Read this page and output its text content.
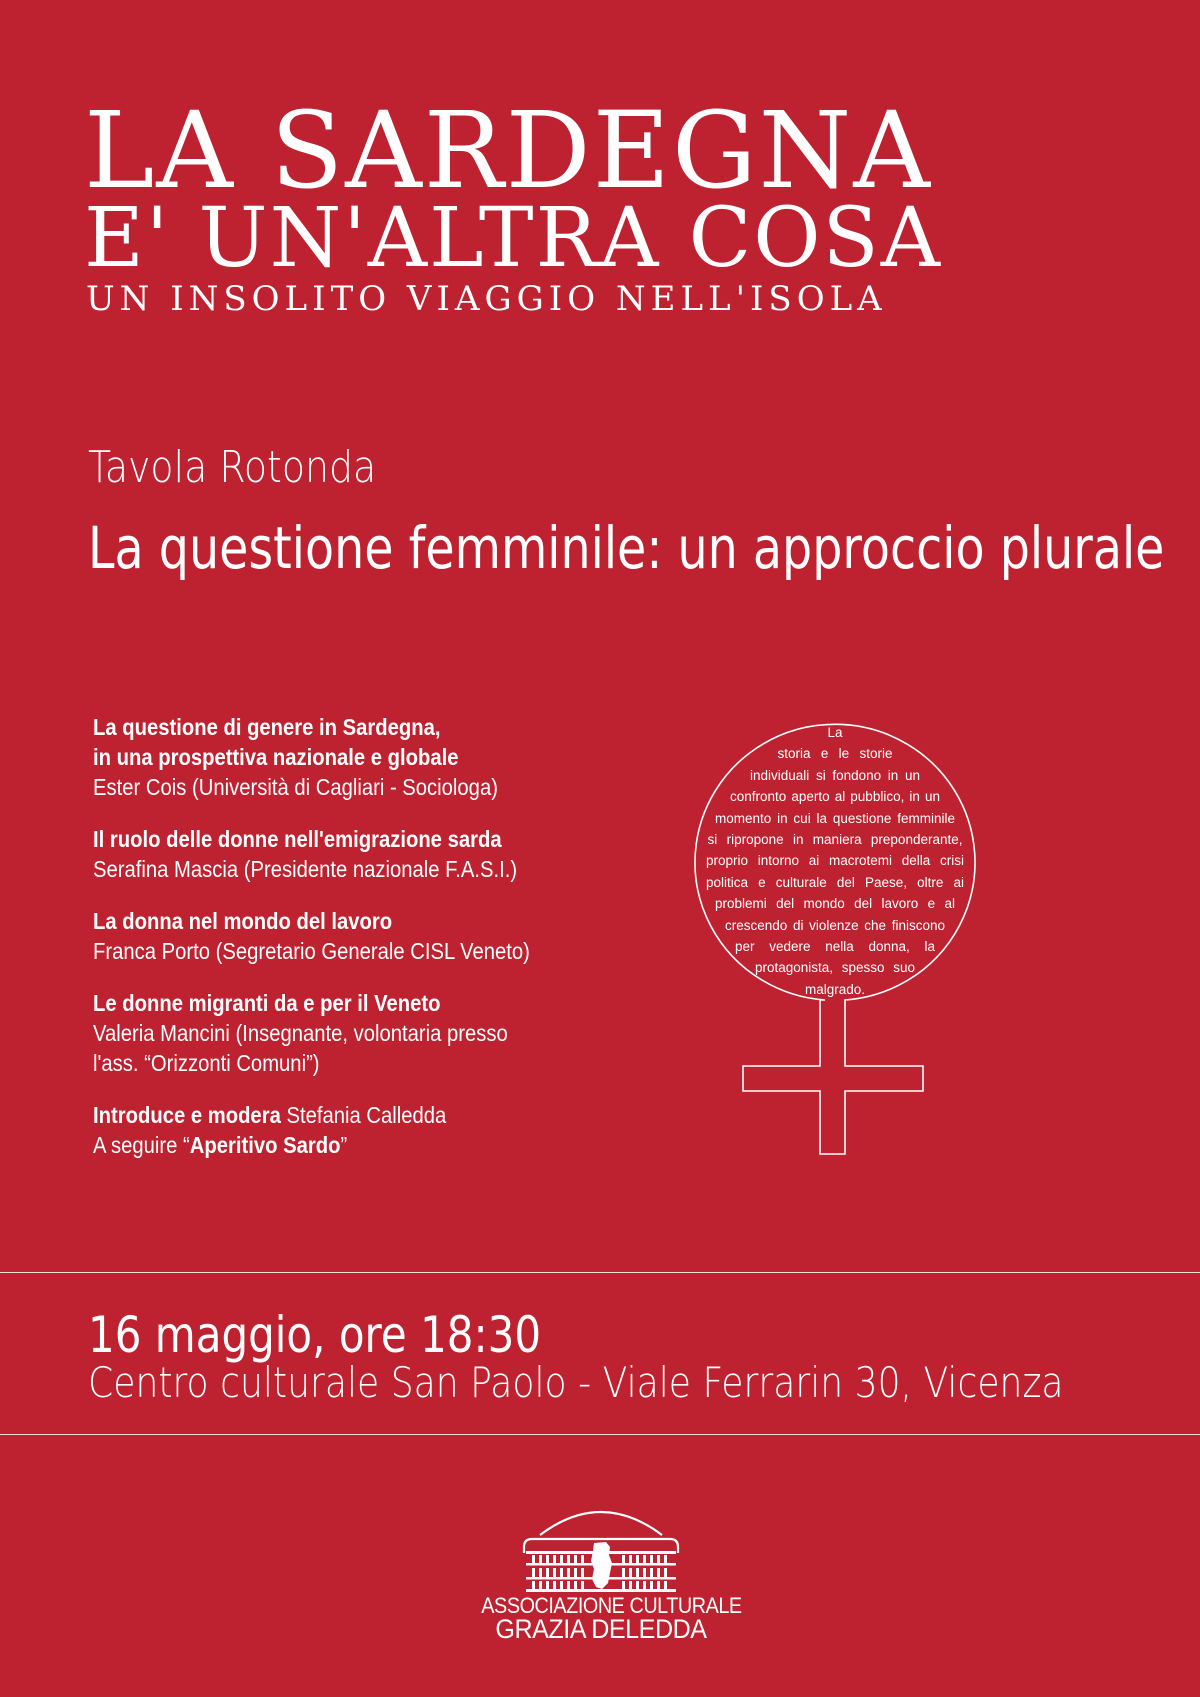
LA SARDEGNA
E' UN'ALTRA COSA
UN INSOLITO VIAGGIO NELL'ISOLA
Tavola Rotonda
La questione femminile: un approccio plurale
La questione di genere in Sardegna,
in una prospettiva nazionale e globale
Ester Cois (Università di Cagliari - Sociologa)
Il ruolo delle donne nell'emigrazione sarda
Serafina Mascia (Presidente nazionale F.A.S.I.)
La donna nel mondo del lavoro
Franca Porto (Segretario Generale CISL Veneto)
Le donne migranti da e per il Veneto
Valeria Mancini (Insegnante, volontaria presso
l'ass. “Orizzonti Comuni”)
Introduce e modera Stefania Calledda
A seguire “Aperitivo Sardo”
La
storia e le storie
individuali si fondono in un
confronto aperto al pubblico, in un
momento in cui la questione femminile
si ripropone in maniera preponderante,
proprio intorno ai macrotemi della crisi
politica e culturale del Paese, oltre ai
problemi del mondo del lavoro e al
crescendo di violenze che finiscono
per vedere nella donna, la
protagonista, spesso suo
malgrado.
16 maggio, ore 18:30
Centro culturale San Paolo - Viale Ferrarin 30, Vicenza
ASSOCIAZIONE CULTURALE
GRAZIA DELEDDA
